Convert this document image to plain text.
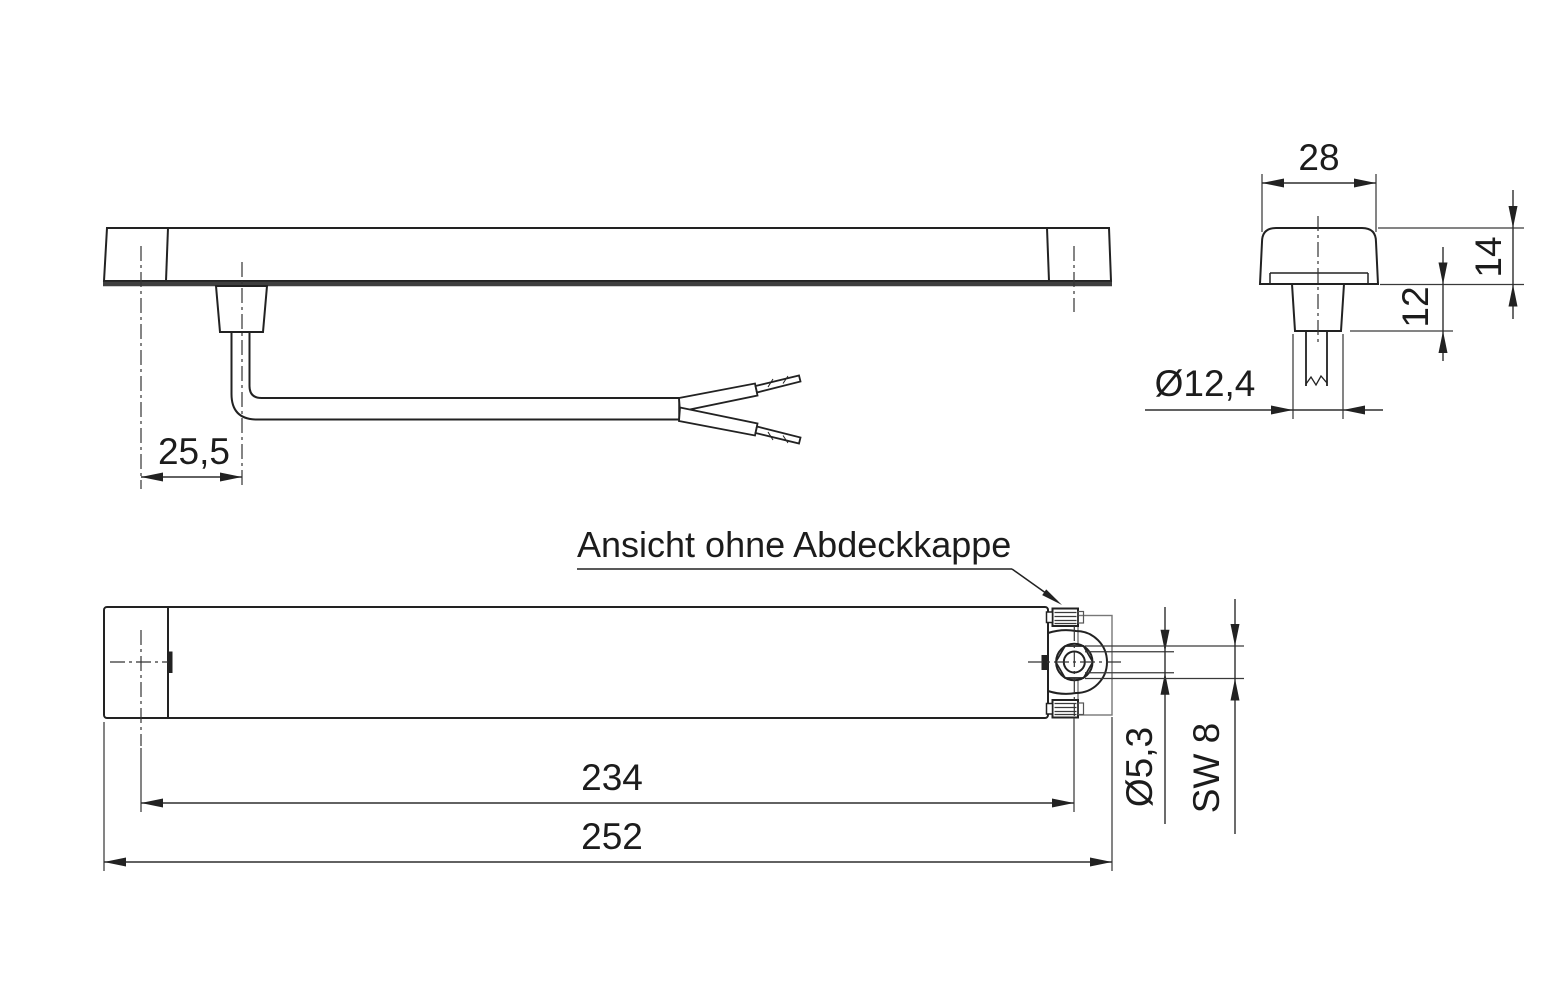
25,5
28
14
12
Ø12,4
Ø5,3 SW 8
234
252
Ansicht ohne Abdeckkappe
